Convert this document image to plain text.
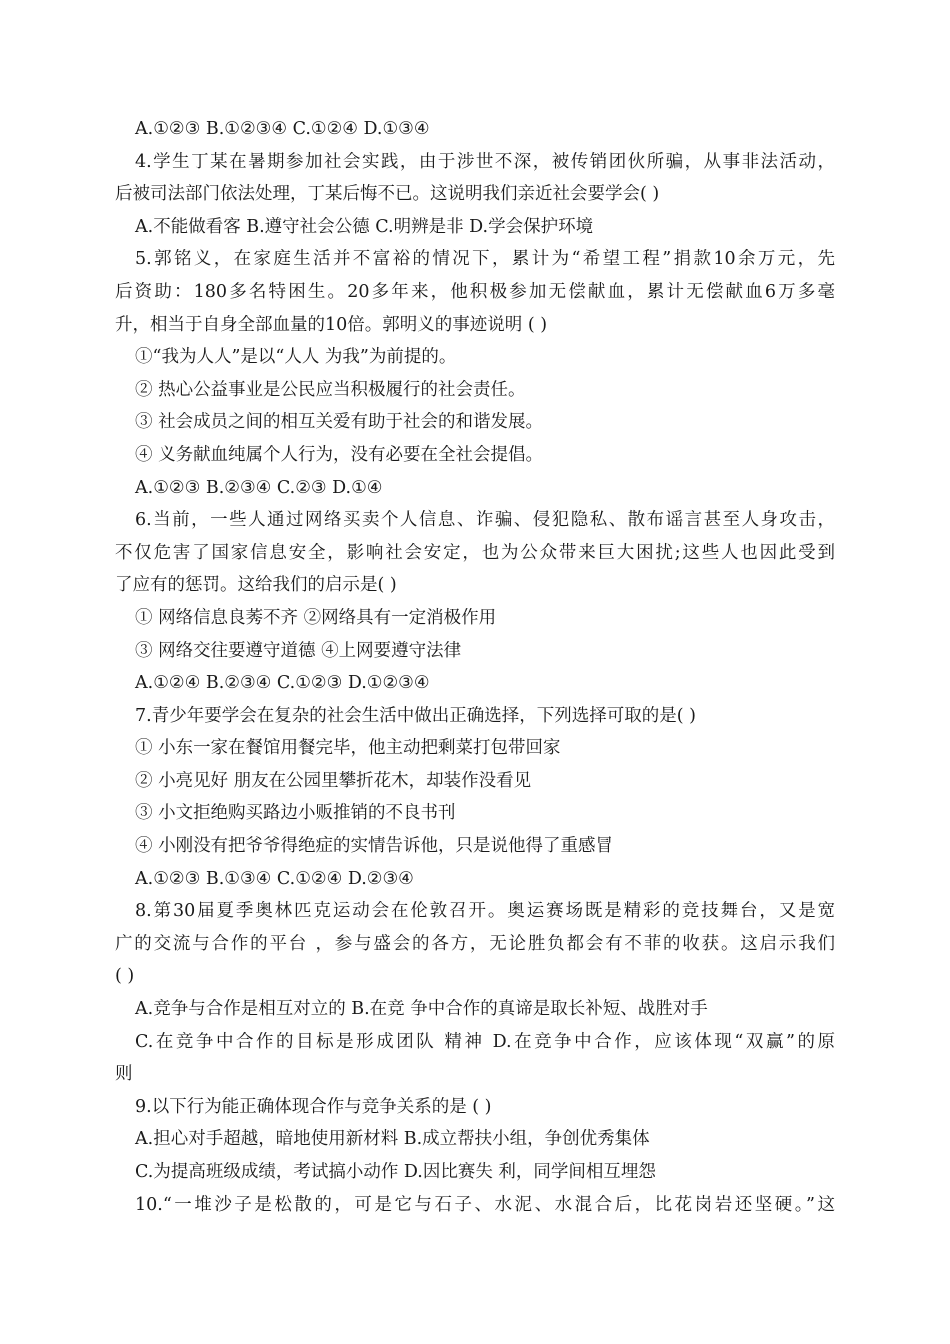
A.①②③ B.①②③④ C.①②④ D.①③④
4.学生丁某在暑期参加社会实践，由于涉世不深，被传销团伙所骗，从事非法活动，
后被司法部门依法处理，丁某后悔不已。这说明我们亲近社会要学会( )
A.不能做看客 B.遵守社会公德 C.明辨是非 D.学会保护环境
5.郭铭义，在家庭生活并不富裕的情况下，累计为“希望工程”捐款10余万元，先
后资助：180多名特困生。20多年来，他积极参加无偿献血，累计无偿献血6万多毫
升，相当于自身全部血量的10倍。郭明义的事迹说明 ( )
①“我为人人”是以“人人 为我”为前提的。
② 热心公益事业是公民应当积极履行的社会责任。
③ 社会成员之间的相互关爱有助于社会的和谐发展。
④ 义务献血纯属个人行为，没有必要在全社会提倡。
A.①②③ B.②③④ C.②③ D.①④
6.当前，一些人通过网络买卖个人信息、诈骗、侵犯隐私、散布谣言甚至人身攻击，
不仅危害了国家信息安全，影响社会安定，也为公众带来巨大困扰;这些人也因此受到
了应有的惩罚。这给我们的启示是( )
① 网络信息良莠不齐 ②网络具有一定消极作用
③ 网络交往要遵守道德 ④上网要遵守法律
A.①②④ B.②③④ C.①②③ D.①②③④
7.青少年要学会在复杂的社会生活中做出正确选择，下列选择可取的是( )
① 小东一家在餐馆用餐完毕，他主动把剩菜打包带回家
② 小亮见好 朋友在公园里攀折花木，却装作没看见
③ 小文拒绝购买路边小贩推销的不良书刊
④ 小刚没有把爷爷得绝症的实情告诉他，只是说他得了重感冒
A.①②③ B.①③④ C.①②④ D.②③④
8.第30届夏季奥林匹克运动会在伦敦召开。奥运赛场既是精彩的竞技舞台，又是宽
广的交流与合作的平台 ，参与盛会的各方，无论胜负都会有不菲的收获。这启示我们
( )
A.竞争与合作是相互对立的 B.在竞 争中合作的真谛是取长补短、战胜对手
C.在竞争中合作的目标是形成团队 精神 D.在竞争中合作，应该体现“双赢”的原
则
9.以下行为能正确体现合作与竞争关系的是 ( )
A.担心对手超越，暗地使用新材料 B.成立帮扶小组，争创优秀集体
C.为提高班级成绩，考试搞小动作 D.因比赛失 利，同学间相互埋怨
10.“一堆沙子是松散的，可是它与石子、水泥、水混合后，比花岗岩还坚硬。”这
